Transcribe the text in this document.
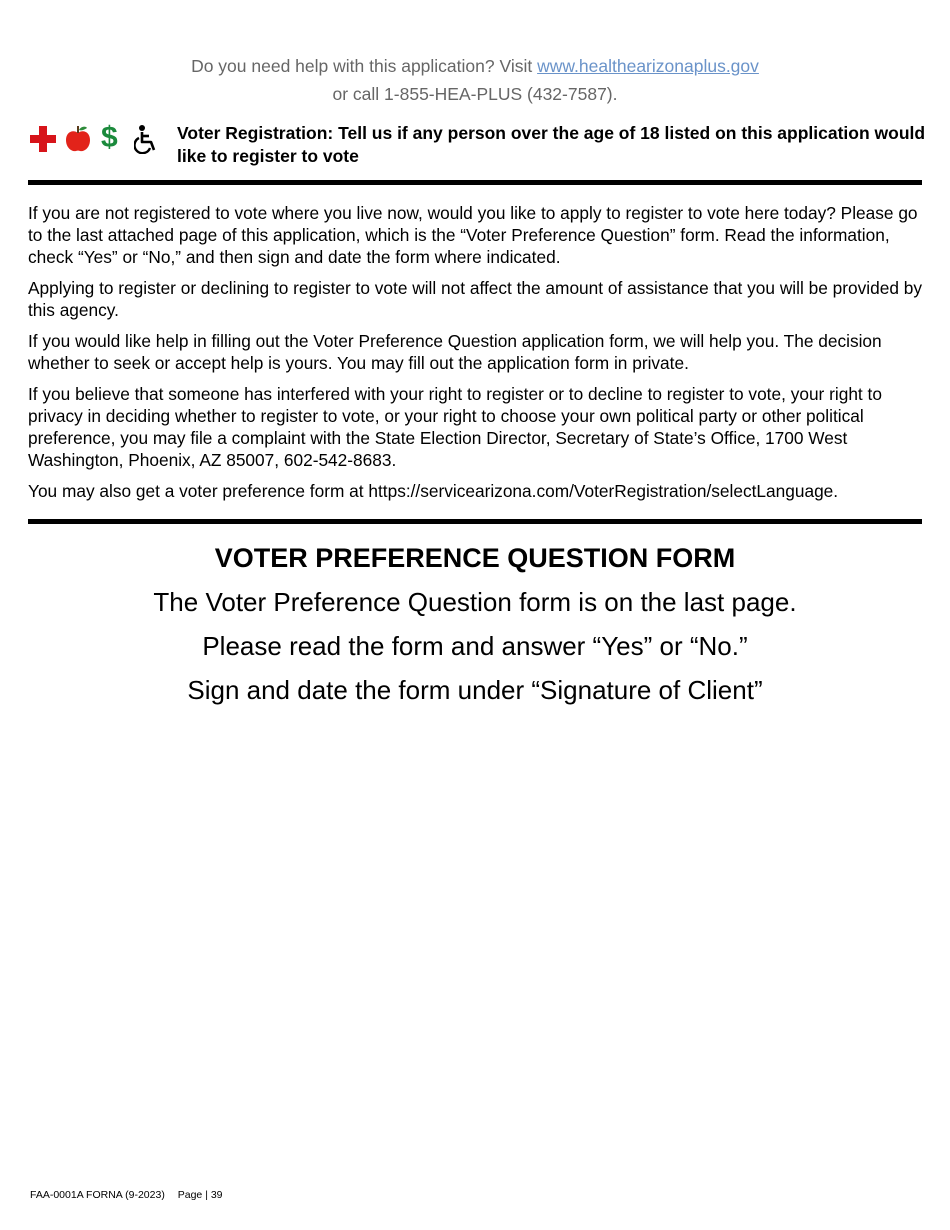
Do you need help with this application? Visit www.healthearizonaplus.gov
or call 1-855-HEA-PLUS (432-7587).
$	Voter Registration: Tell us if any person over the age of 18 listed on this application would like to register to vote

If you are not registered to vote where you live now, would you like to apply to register to vote here today? Please go to the last attached page of this application, which is the “Voter Preference Question” form. Read the information, check “Yes” or “No,” and then sign and date the form where indicated.

Applying to register or declining to register to vote will not affect the amount of assistance that you will be provided by this agency.

If you would like help in filling out the Voter Preference Question application form, we will help you. The decision whether to seek or accept help is yours. You may fill out the application form in private.

If you believe that someone has interfered with your right to register or to decline to register to vote, your right to privacy in deciding whether to register to vote, or your right to choose your own political party or other political preference, you may file a complaint with the State Election Director, Secretary of State’s Office, 1700 West Washington, Phoenix, AZ 85007, 602-542-8683.

You may also get a voter preference form at https://servicearizona.com/VoterRegistration/selectLanguage.

VOTER PREFERENCE QUESTION FORM

The Voter Preference Question form is on the last page.

Please read the form and answer “Yes” or “No.”

Sign and date the form under “Signature of Client”

FAA-0001A FORNA (9-2023) Page | 39
